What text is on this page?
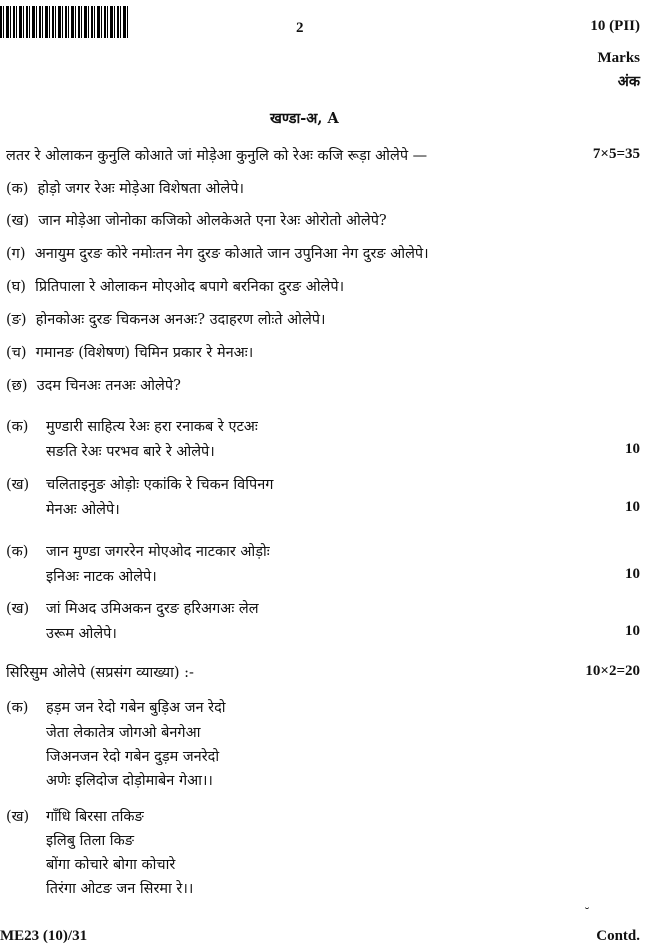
2	10 (PII)
Marks
अंक
खण्डा-अ, A
लतर रे ओलाकन कुनुलि कोआते जां मोड़ेआ कुनुलि को रेअः कजि रूड़ा ओलेपे —	7×5=35
(क) होड़ो जगर रेअः मोड़ेआ विशेषता ओलेपे।
(ख) जान मोड़ेआ जोनोका कजिको ओलकेअते एना रेअः ओरोतो ओलेपे?
(ग) अनायुम दुरङ कोरे नमोःतन नेग दुरङ कोआते जान उपुनिआ नेग दुरङ ओलेपे।
(घ) प्रितिपाला रे ओलाकन मोएओद बपागे बरनिका दुरङ ओलेपे।
(ङ) होनकोअः दुरङ चिकनअ अनअः? उदाहरण लोःते ओलेपे।
(च) गमानङ (विशेषण) चिमिन प्रकार रे मेनअः।
(छ) उदम चिनअः तनअः ओलेपे?
(क) मुण्डारी साहित्य रेअः हरा रनाकब रे एटअः
सङति रेअः परभव बारे रे ओलेपे।	10
(ख) चलिताइनुङ ओड़ोः एकांकि रे चिकन विपिनग
मेनअः ओलेपे।	10
(क) जान मुण्डा जगररेन मोएओद नाटकार ओड़ोः
इनिअः नाटक ओलेपे।	10
(ख) जां मिअद उमिअकन दुरङ हरिअगअः लेल
उरूम ओलेपे।	10
सिरिसुम ओलेपे (सप्रसंग व्याख्या) :-	10×2=20
(क) हड़म जन रेदो गबेन बुड़िअ जन रेदो
जेता लेकातेत्र जोगओ बेनगेआ
जिअनजन रेदो गबेन दुड़म जनरेदो
अणेः इलिदोज दोड़ोमाबेन गेआ।।
(ख) गाँधि बिरसा तकिङ
इलिबु तिला किङ
बोंगा कोचारे बोगा कोचारे
तिरंगा ओटङ जन सिरमा रे।।
˘
ME23 (10)/31	Contd.
